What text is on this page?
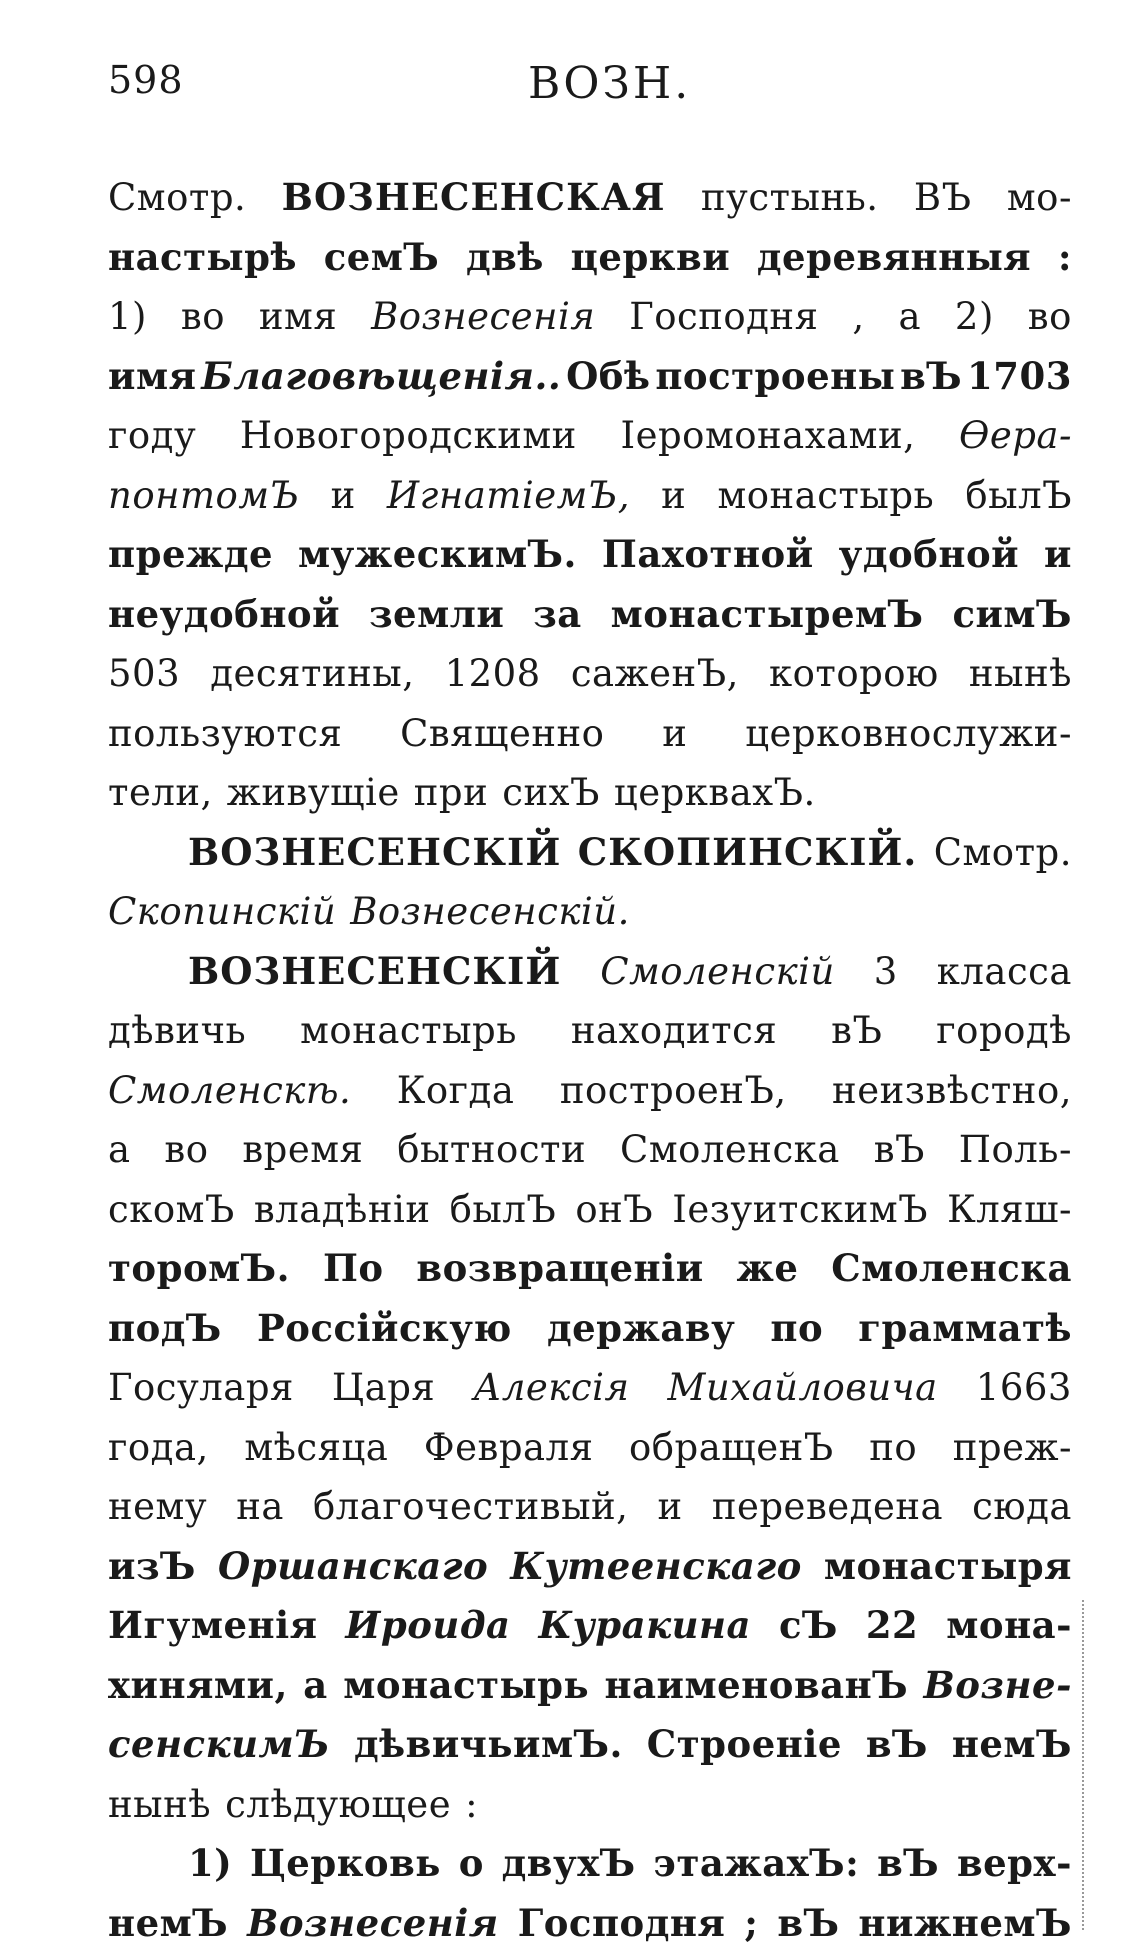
598	ВОЗН.
Смотр. ВОЗНЕСЕНСКАЯ пустынь. ВЪ мо-
настырѣ семЪ двѣ церкви деревянныя :
1) во имя Вознесенія Господня , а 2) во
имя Благовѣщенія.. Обѣ построены вЪ 1703
году Новогородскими Іеромонахами, Өера-
понтомЪ и ИгнатіемЪ, и монастырь былЪ
прежде мужескимЪ. Пахотной удобной и
неудобной земли за монастыремЪ симЪ
503 десятины, 1208 саженЪ, которою нынѣ
пользуются Священно и церковнослужи-
тели, живущіе при сихЪ церквахЪ.
ВОЗНЕСЕНСКІЙ СКОПИНСКІЙ. Смотр.
Скопинскій Вознесенскій.
ВОЗНЕСЕНСКІЙ Смоленскій 3 класса
дѣвичь монастырь находится вЪ городѣ
Смоленскѣ. Когда построенЪ, неизвѣстно,
а во время бытности Смоленска вЪ Поль-
скомЪ владѣніи былЪ онЪ ІезуитскимЪ Кляш-
торомЪ. По возвращеніи же Смоленска
подЪ Россійскую державу по грамматѣ
Госуларя Царя Алексія Михайловича 1663
года, мѣсяца Февраля обращенЪ по преж-
нему на благочестивый, и переведена сюда
изЪ Оршанскаго Кутеенскаго монастыря
Игуменія Ироида Куракина сЪ 22 мона-
хинями, а монастырь наименованЪ Возне-
сенскимЪ дѣвичьимЪ. Строеніе вЪ немЪ
нынѣ слѣдующее :
1) Церковь о двухЪ этажахЪ: вЪ верх-
немЪ Вознесенія Господня ; вЪ нижнемЪ
